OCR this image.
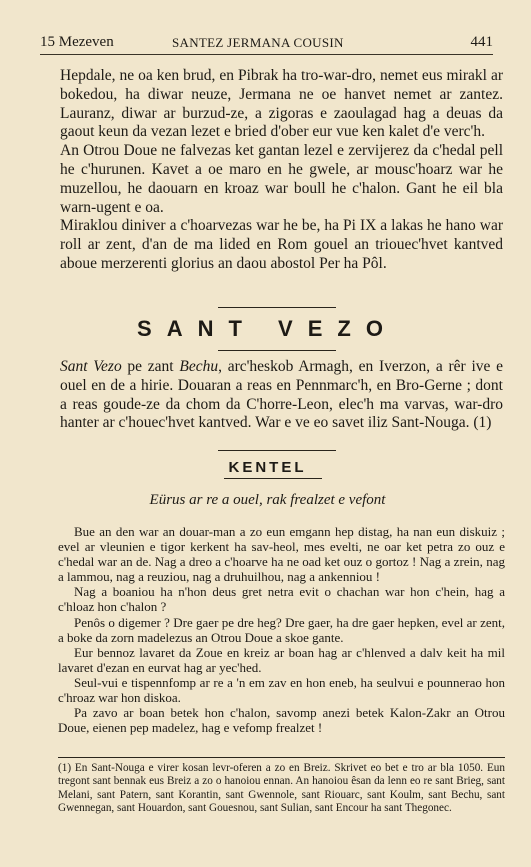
15 Mezeven	SANTEZ JERMANA COUSIN	441

Hepdale, ne oa ken brud, en Pibrak ha tro-war-dro, nemet eus mirakl ar bokedou, ha diwar neuze, Jermana ne oe hanvet nemet ar zantez. Lauranz, diwar ar burzud-ze, a zigoras e zaoulagad hag a deuas da gaout keun da vezan lezet e bried d'ober eur vue ken kalet d'e verc'h.

An Otrou Doue ne falvezas ket gantan lezel e zervijerez da c'hedal pell he c'hurunen. Kavet a oe maro en he gwele, ar mousc'hoarz war he muzellou, he daouarn en kroaz war boull he c'halon. Gant he eil bla warn-ugent e oa.

Miraklou diniver a c'hoarvezas war he be, ha Pi IX a lakas he hano war roll ar zent, d'an de ma lided en Rom gouel an triouec'hvet kantved aboue merzerenti glorius an daou abostol Per ha Pôl.

SANT VEZO
Sant Vezo pe zant Bechu, arc'heskob Armagh, en Iverzon, a rêr ive e ouel en de a hirie. Douaran a reas en Pennmarc'h, en Bro-Gerne ; dont a reas goude-ze da chom da C'horre-Leon, elec'h ma varvas, war-dro hanter ar c'houec'hvet kantved. War e ve eo savet iliz Sant-Nouga. (1)
KENTEL
Eürus ar re a ouel, rak frealzet e vefont

Bue an den war an douar-man a zo eun emgann hep distag, ha nan eun diskuiz ; evel ar vleunien e tigor kerkent ha sav-heol, mes evelti, ne oar ket petra zo ouz e c'hedal war an de. Nag a dreo a c'hoarve ha ne oad ket ouz o gortoz ! Nag a zrein, nag a lammou, nag a reuziou, nag a druhuilhou, nag a ankenniou !

Nag a boaniou ha n'hon deus gret netra evit o chachan war hon c'hein, hag a c'hloaz hon c'halon ?

Penôs o digemer ? Dre gaer pe dre heg? Dre gaer, ha dre gaer hepken, evel ar zent, a boke da zorn madelezus an Otrou Doue a skoe gante.

Eur bennoz lavaret da Zoue en kreiz ar boan hag ar c'hlenved a dalv keit ha mil lavaret d'ezan en eurvat hag ar yec'hed.

Seul-vui e tispennfomp ar re a 'n em zav en hon eneb, ha seulvui e pounnerao hon c'hroaz war hon diskoa.

Pa zavo ar boan betek hon c'halon, savomp anezi betek Kalon-Zakr an Otrou Doue, eienen pep madelez, hag e vefomp frealzet !

(1) En Sant-Nouga e virer kosan levr-oferen a zo en Breiz. Skrivet eo bet e tro ar bla 1050. Eun tregont sant bennak eus Breiz a zo o hanoiou ennan. An hanoiou êsan da lenn eo re sant Brieg, sant Melani, sant Patern, sant Korantin, sant Gwennole, sant Riouarc, sant Koulm, sant Bechu, sant Gwennegan, sant Houardon, sant Gouesnou, sant Sulian, sant Encour ha sant Thegonec.
